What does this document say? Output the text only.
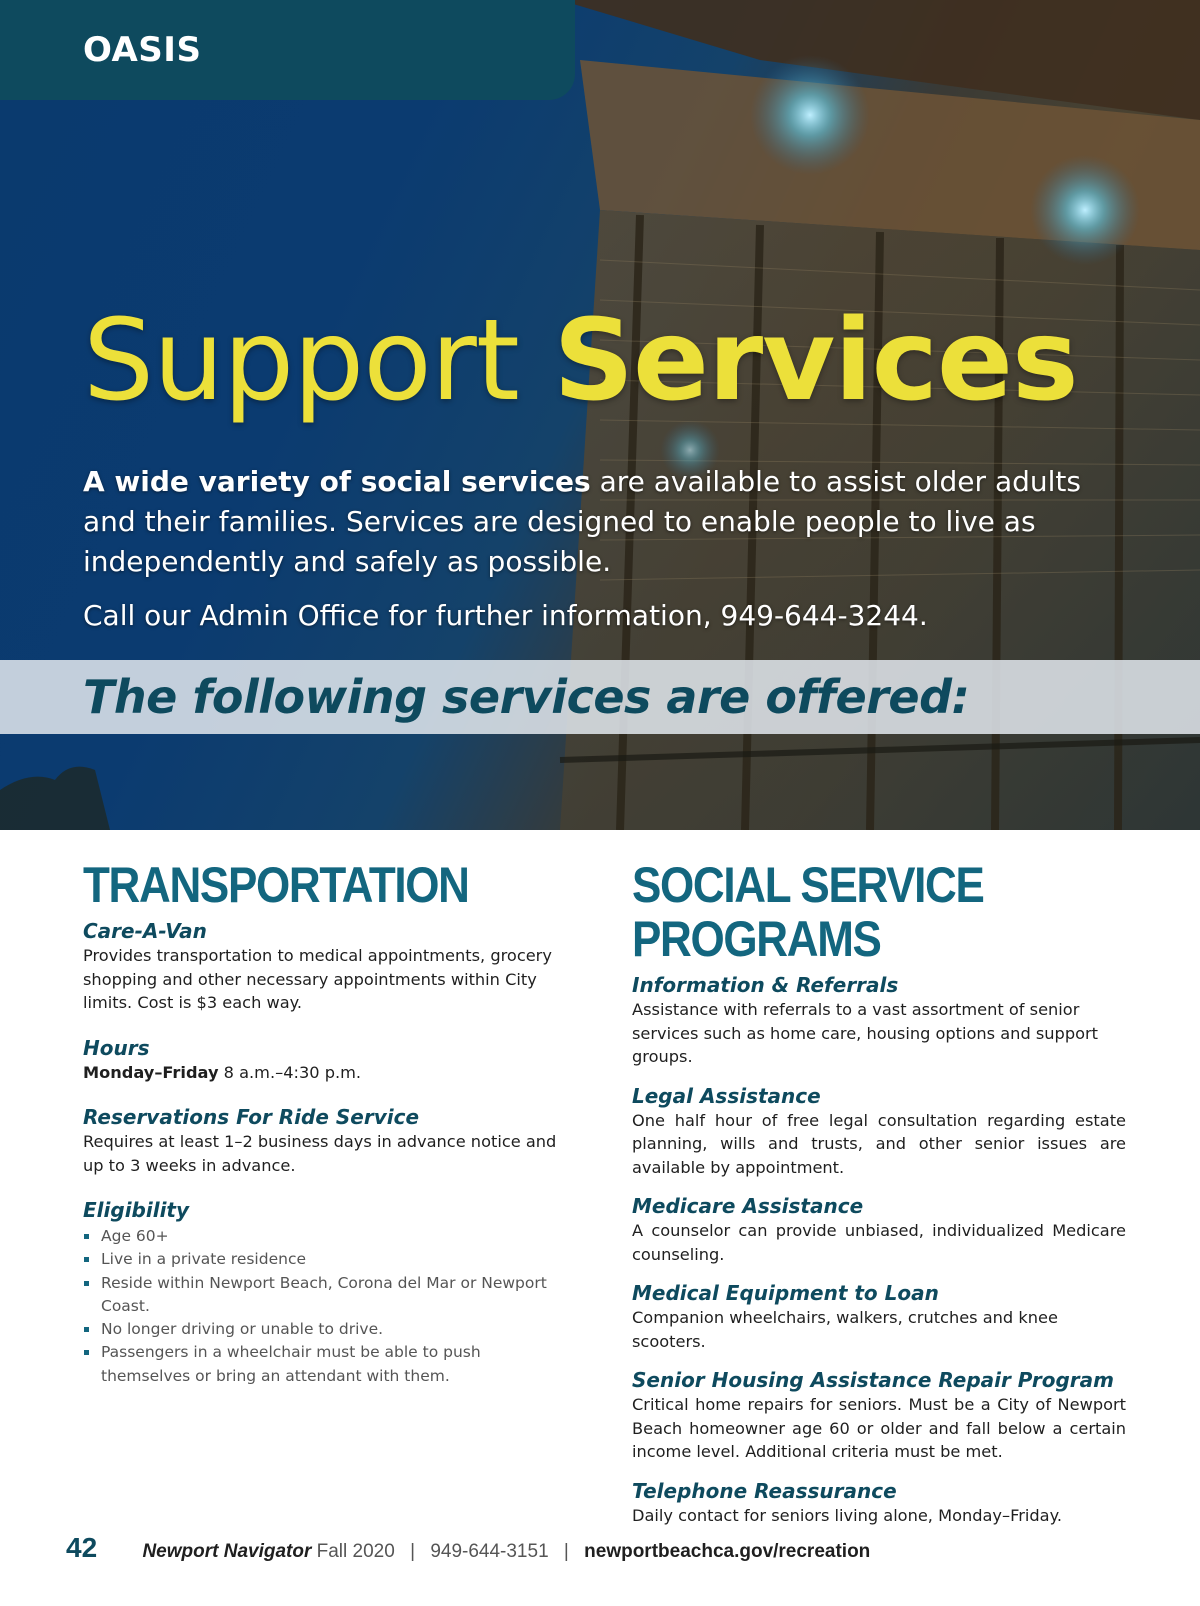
OASIS
Support Services

A wide variety of social services are available to assist older adults and their families. Services are designed to enable people to live as independently and safely as possible.

Call our Admin Office for further information, 949-644-3244.

The following services are offered:

TRANSPORTATION
Care-A-Van

Provides transportation to medical appointments, grocery shopping and other necessary appointments within City limits. Cost is $3 each way.

Hours

Monday–Friday 8 a.m.–4:30 p.m.

Reservations For Ride Service

Requires at least 1–2 business days in advance notice and up to 3 weeks in advance.

Eligibility
Age 60+
Live in a private residence
Reside within Newport Beach, Corona del Mar or Newport Coast.
No longer driving or unable to drive.
Passengers in a wheelchair must be able to push themselves or bring an attendant with them.
SOCIAL SERVICE
PROGRAMS
Information & Referrals

Assistance with referrals to a vast assortment of senior services such as home care, housing options and support groups.

Legal Assistance

One half hour of free legal consultation regarding estate planning, wills and trusts, and other senior issues are available by appointment.

Medicare Assistance

A counselor can provide unbiased, individualized Medicare counseling.

Medical Equipment to Loan

Companion wheelchairs, walkers, crutches and knee scooters.

Senior Housing Assistance Repair Program

Critical home repairs for seniors. Must be a City of Newport Beach homeowner age 60 or older and fall below a certain income level. Additional criteria must be met.

Telephone Reassurance

Daily contact for seniors living alone, Monday–Friday.

42 Newport Navigator Fall 2020 | 949-644-3151 | newportbeachca.gov/recreation
